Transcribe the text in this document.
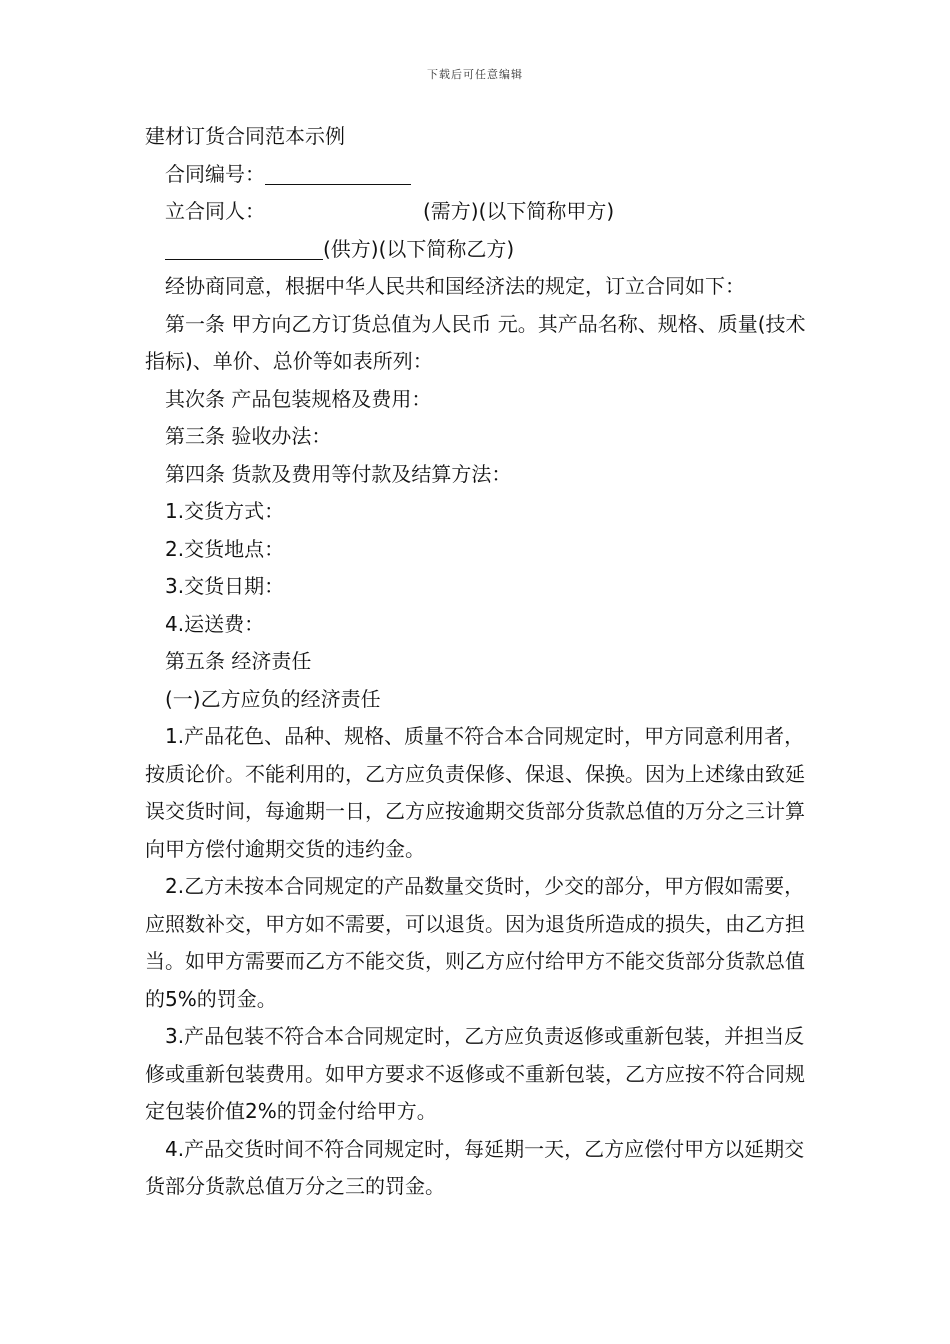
下载后可任意编辑

建材订货合同范本示例

合同编号：

立合同人：	(需方)(以下简称甲方)

(供方)(以下简称乙方)

经协商同意，根据中华人民共和国经济法的规定，订立合同如下：

第一条 甲方向乙方订货总值为人民币 元。其产品名称、规格、质量(技术指标)、单价、总价等如表所列：

其次条 产品包装规格及费用：

第三条 验收办法：

第四条 货款及费用等付款及结算方法：

1.交货方式：

2.交货地点：

3.交货日期：

4.运送费：

第五条 经济责任

(一)乙方应负的经济责任

1.产品花色、品种、规格、质量不符合本合同规定时，甲方同意利用者，按质论价。不能利用的，乙方应负责保修、保退、保换。因为上述缘由致延误交货时间，每逾期一日，乙方应按逾期交货部分货款总值的万分之三计算向甲方偿付逾期交货的违约金。

2.乙方未按本合同规定的产品数量交货时，少交的部分，甲方假如需要，应照数补交，甲方如不需要，可以退货。因为退货所造成的损失，由乙方担当。如甲方需要而乙方不能交货，则乙方应付给甲方不能交货部分货款总值的5%的罚金。

3.产品包装不符合本合同规定时，乙方应负责返修或重新包装，并担当反修或重新包装费用。如甲方要求不返修或不重新包装，乙方应按不符合同规定包装价值2%的罚金付给甲方。

4.产品交货时间不符合同规定时，每延期一天，乙方应偿付甲方以延期交货部分货款总值万分之三的罚金。
